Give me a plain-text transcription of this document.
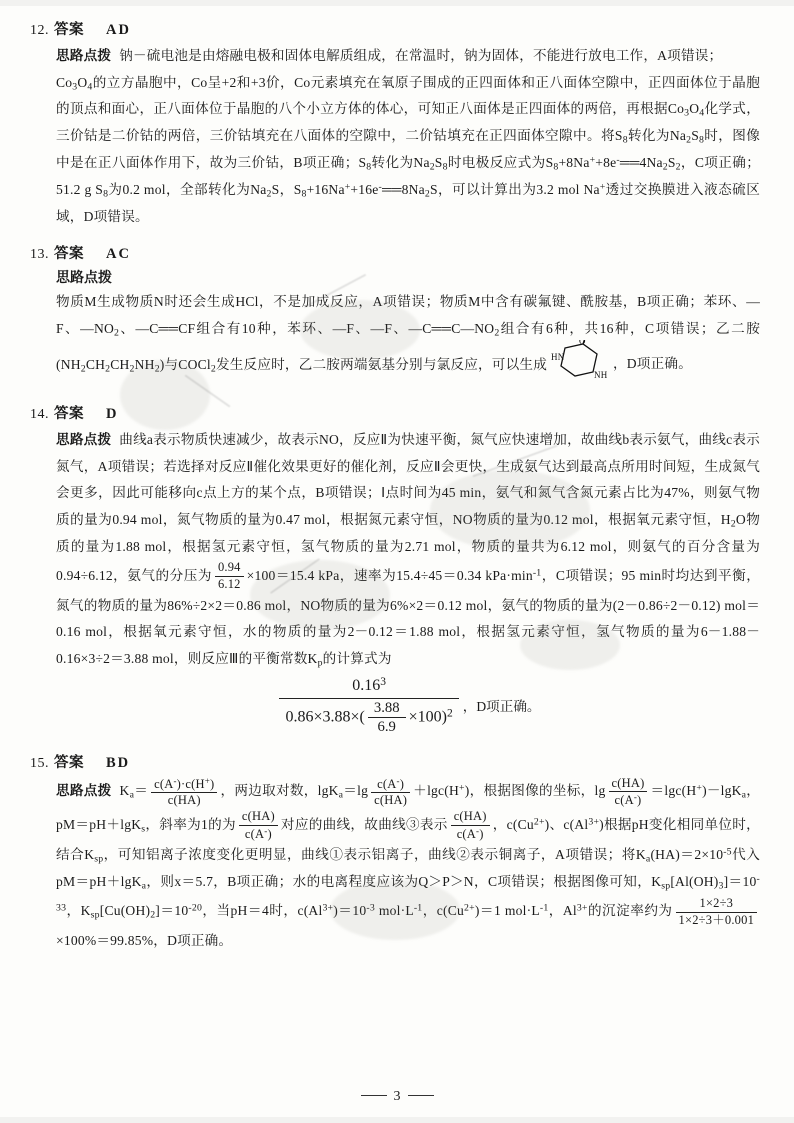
12. 答案 AD
思路点拨 钠－硫电池是由熔融电极和固体电解质组成，在常温时，钠为固体，不能进行放电工作，A项错误；
$Co_3O_4$的立方晶胞中，Co呈+2和+3价，Co元素填充在氧原子围成的正四面体和正八面体空隙中，正四面体位于晶胞的顶点和面心，正八面体位于晶胞的八个小立方体的体心，可知正八面体是正四面体的两倍，再根据$Co_3O_4$化学式，三价钴是二价钴的两倍，三价钴填充在八面体的空隙中，二价钴填充在正四面体空隙中。将$S_8$转化为$Na_2S_8$时，图像中是在正八面体作用下，故为三价钴，B项正确；$S_8$转化为$Na_2S_8$时电极反应式为$S_8+8Na^++8e^-══4Na_2S_2$，C项正确；51.2 g $S_8$为0.2 mol，全部转化为$Na_2S$，$S_8+16Na^++16e^-══8Na_2S$，可以计算出为3.2 mol Na+透过交换膜进入液态硫区域，D项错误。
13. 答案 AC
思路点拨
物质M生成物质N时还会生成HCl，不是加成反应，A项错误；物质M中含有碳氟键、酰胺基，B项正确；苯环、—F、$—NO_2$、—C══CF组合有10种，苯环、—F、—F、$—C══C—NO_2$组合有6种，共16种，C项错误；乙二胺$(NH_2CH_2CH_2NH_2)$与COCl$_2$发生反应时，乙二胺两端氨基分别与氯反应，可以生成
O
NH
HN	，D项正确。
14. 答案 D
思路点拨 曲线a表示物质快速减少，故表示NO，反应Ⅱ为快速平衡，氮气应快速增加，故曲线b表示氨气，曲线c表示氮气，A项错误；若选择对反应Ⅱ催化效果更好的催化剂，反应Ⅱ会更快，生成氨气达到最高点所用时间短，生成氮气会更多，因此可能移向c点上方的某个点，B项错误；Ⅰ点时间为45 min，氨气和氮气含氮元素占比为47%，则氨气物质的量为0.94 mol，氮气物质的量为0.47 mol，根据氮元素守恒，NO物质的量为0.12 mol，根据氧元素守恒，$H_2O$物质的量为1.88 mol，根据氢元素守恒，氢气物质的量为2.71 mol，物质的量共为6.12 mol，则氨气的百分含量为0.94÷6.12，氨气的分压为 $\frac{0.94}{6.12} \times 100=15.4$ kPa，速率为15.4÷45＝0.34 $kPa\cdot\min^{-1}$，C项错误；95 min时均达到平衡，氮气的物质的量为86%÷2×2＝0.86 mol，NO物质的量为6%×2＝0.12 mol，氨气的物质的量为(2－0.86÷2－0.12) mol＝0.16 mol，根据氧元素守恒，水的物质的量为2－0.12＝1.88 mol，根据氢元素守恒，氢气物质的量为6－1.88－0.16×3÷2＝3.88 mol，则反应Ⅲ的平衡常数$K_p$的计算式为
$\frac{0.16^3}{0.86\times 3.88\times( \frac{3.88}{6.9} \times 100)^2}$ ，D项正确。
15. 答案 BD
思路点拨 $K_a= \frac{c(A^-)\cdot c(H^+)}{c(HA)}$ ，两边取对数，$\lg K_a=\lg \frac{c(A^-)}{c(HA)} +\lg c(H^+)$，根据图像的坐标，$\lg \frac{c(HA)}{c(A^-)} =\lg c(H^+)-\lg K_a$，pM＝pH＋lgK$_s$，斜率为1的为 $\frac{c(HA)}{c(A^-)}$ 对应的曲线，故曲线③表示 $\frac{c(HA)}{c(A^-)}$ ，$c(Cu^{2+})$、$c(Al^{3+})$根据pH变化相同单位时，结合$K_{sp}$，可知铝离子浓度变化更明显，曲线①表示铝离子，曲线②表示铜离子，A项错误；将$K_a(HA)=2\times 10^{-5}$代入pM＝pH＋lgK$_a$，则x＝5.7，B项正确；水的电离程度应该为Q＞P＞N，C项错误；根据图像可知，$K_{sp}[Al(OH)_3]=10^{-33}$，$K_{sp}[Cu(OH)_2]=10^{-20}$，当pH＝4时，$c(Al^{3+})=10^{-3}$ $mol\cdot L^{-1}$，$c(Cu^{2+})=1$ $mol\cdot L^{-1}$，$Al^{3+}$的沉淀率约为 $\frac{1\times 2\div 3}{1\times 2\div 3+0.001}$
×100%＝99.85%，D项正确。
3
